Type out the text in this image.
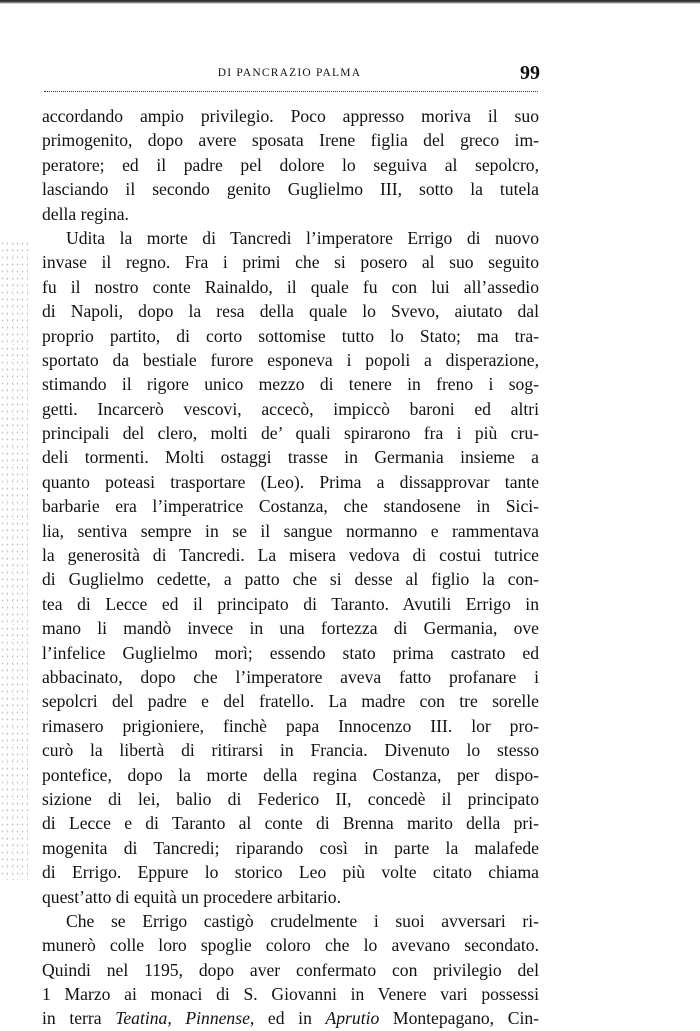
DI PANCRAZIO PALMA	99
accordando ampio privilegio. Poco appresso moriva il suo
primogenito, dopo avere sposata Irene figlia del greco im-
peratore; ed il padre pel dolore lo seguiva al sepolcro,
lasciando il secondo genito Guglielmo III, sotto la tutela
della regina.
Udita la morte di Tancredi l’imperatore Errigo di nuovo
invase il regno. Fra i primi che si posero al suo seguito
fu il nostro conte Rainaldo, il quale fu con lui all’assedio
di Napoli, dopo la resa della quale lo Svevo, aiutato dal
proprio partito, di corto sottomise tutto lo Stato; ma tra-
sportato da bestiale furore esponeva i popoli a disperazione,
stimando il rigore unico mezzo di tenere in freno i sog-
getti. Incarcerò vescovi, accecò, impiccò baroni ed altri
principali del clero, molti de’ quali spirarono fra i più cru-
deli tormenti. Molti ostaggi trasse in Germania insieme a
quanto poteasi trasportare (Leo). Prima a dissapprovar tante
barbarie era l’imperatrice Costanza, che standosene in Sici-
lia, sentiva sempre in se il sangue normanno e rammentava
la generosità di Tancredi. La misera vedova di costui tutrice
di Guglielmo cedette, a patto che si desse al figlio la con-
tea di Lecce ed il principato di Taranto. Avutili Errigo in
mano li mandò invece in una fortezza di Germania, ove
l’infelice Guglielmo morì; essendo stato prima castrato ed
abbacinato, dopo che l’imperatore aveva fatto profanare i
sepolcri del padre e del fratello. La madre con tre sorelle
rimasero prigioniere, finchè papa Innocenzo III. lor pro-
curò la libertà di ritirarsi in Francia. Divenuto lo stesso
pontefice, dopo la morte della regina Costanza, per dispo-
sizione di lei, balio di Federico II, concedè il principato
di Lecce e di Taranto al conte di Brenna marito della pri-
mogenita di Tancredi; riparando così in parte la malafede
di Errigo. Eppure lo storico Leo più volte citato chiama
quest’atto di equità un procedere arbitario.
Che se Errigo castigò crudelmente i suoi avversari ri-
munerò colle loro spoglie coloro che lo avevano secondato.
Quindi nel 1195, dopo aver confermato con privilegio del
1 Marzo ai monaci di S. Giovanni in Venere vari possessi
in terra Teatina, Pinnense, ed in Aprutio Montepagano, Cin-
